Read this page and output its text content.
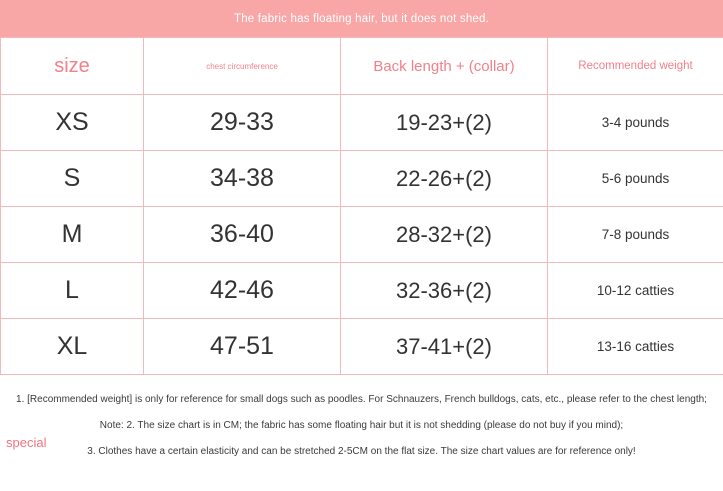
The fabric has floating hair, but it does not shed.
size	chest circumference	Back length + (collar)	Recommended weight
XS	29-33	19-23+(2)	3-4 pounds
S	34-38	22-26+(2)	5-6 pounds
M	36-40	28-32+(2)	7-8 pounds
L	42-46	32-36+(2)	10-12 catties
XL	47-51	37-41+(2)	13-16 catties
special
1. [Recommended weight] is only for reference for small dogs such as poodles. For Schnauzers, French bulldogs, cats, etc., please refer to the chest length;
Note: 2. The size chart is in CM; the fabric has some floating hair but it is not shedding (please do not buy if you mind);
3. Clothes have a certain elasticity and can be stretched 2-5CM on the flat size. The size chart values are for reference only!
